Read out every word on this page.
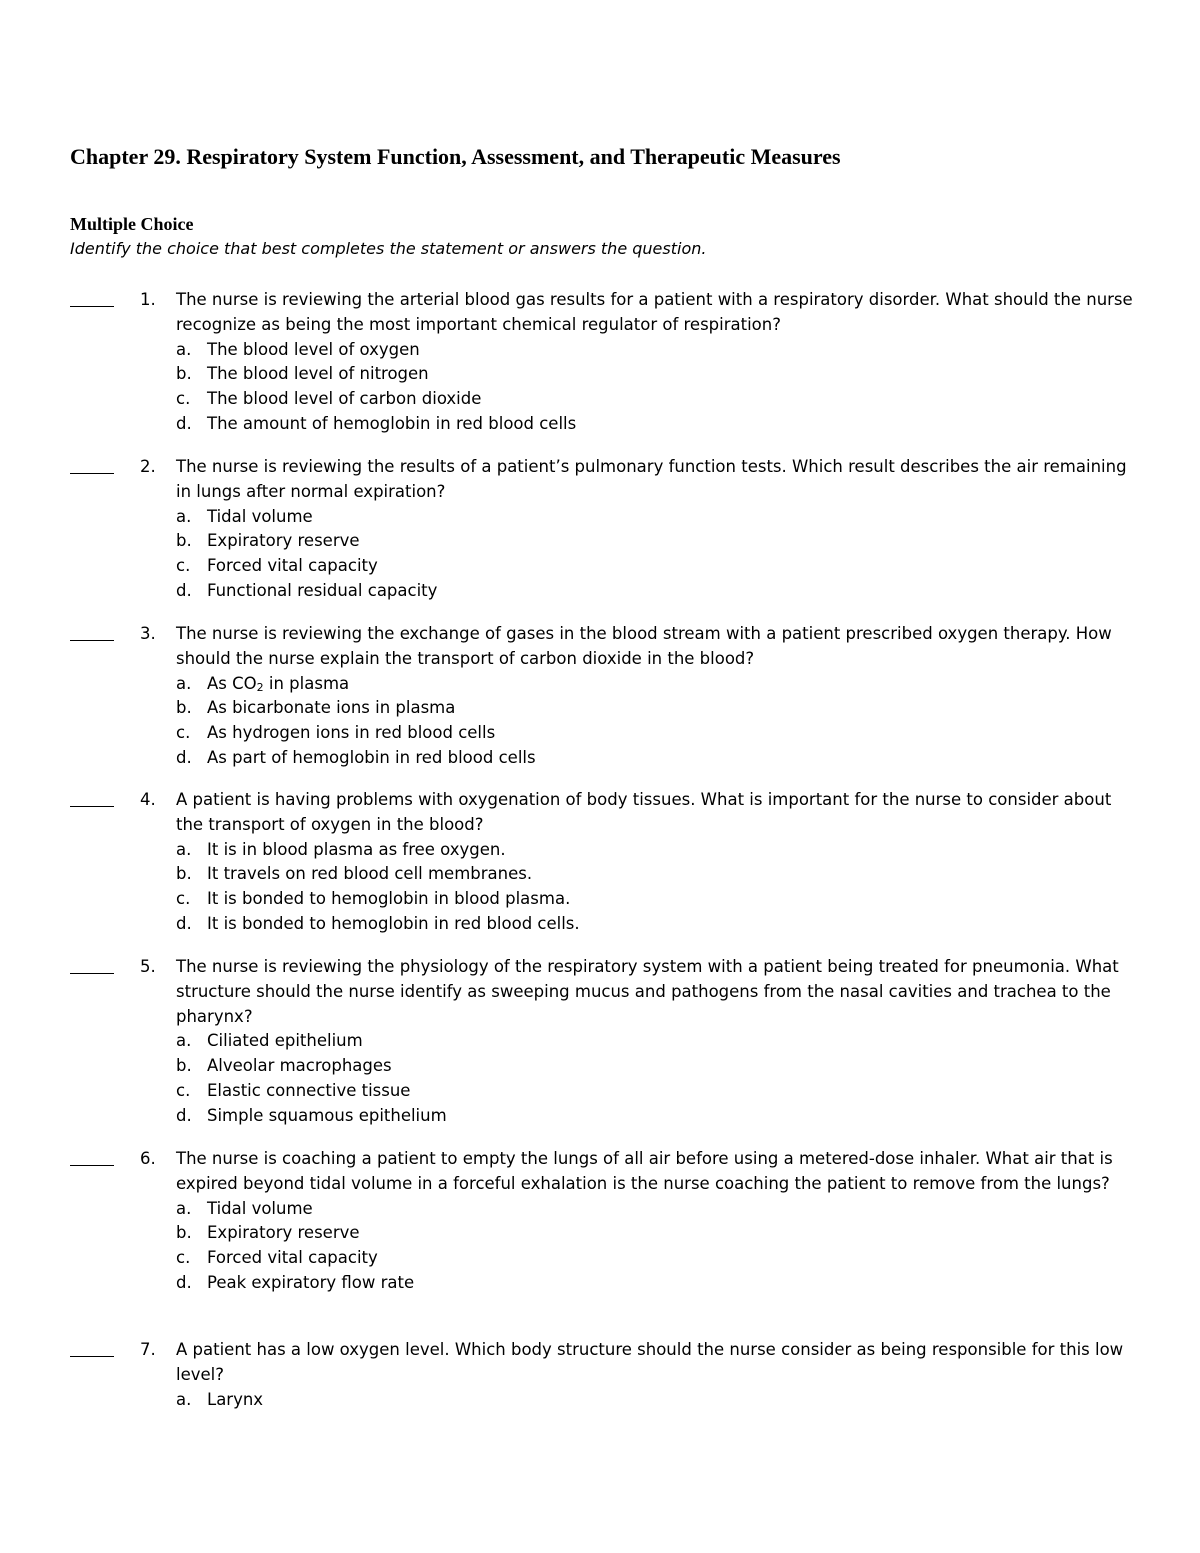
Chapter 29. Respiratory System Function, Assessment, and Therapeutic Measures
Multiple Choice

Identify the choice that best completes the statement or answers the question.

1.	The nurse is reviewing the arterial blood gas results for a patient with a respiratory disorder. What should the nurse recognize as being the most important chemical regulator of respiration?
a. The blood level of oxygen
b. The blood level of nitrogen
c. The blood level of carbon dioxide
d. The amount of hemoglobin in red blood cells
2.	The nurse is reviewing the results of a patient’s pulmonary function tests. Which result describes the air remaining in lungs after normal expiration?
a. Tidal volume
b. Expiratory reserve
c. Forced vital capacity
d. Functional residual capacity
3.	The nurse is reviewing the exchange of gases in the blood stream with a patient prescribed oxygen therapy. How should the nurse explain the transport of carbon dioxide in the blood?
a. As $CO_2$ in plasma
b. As bicarbonate ions in plasma
c. As hydrogen ions in red blood cells
d. As part of hemoglobin in red blood cells
4.	A patient is having problems with oxygenation of body tissues. What is important for the nurse to consider about the transport of oxygen in the blood?
a. It is in blood plasma as free oxygen.
b. It travels on red blood cell membranes.
c. It is bonded to hemoglobin in blood plasma.
d. It is bonded to hemoglobin in red blood cells.
5.	The nurse is reviewing the physiology of the respiratory system with a patient being treated for pneumonia. What structure should the nurse identify as sweeping mucus and pathogens from the nasal cavities and trachea to the pharynx?
a. Ciliated epithelium
b. Alveolar macrophages
c. Elastic connective tissue
d. Simple squamous epithelium
6.	The nurse is coaching a patient to empty the lungs of all air before using a metered-dose inhaler. What air that is expired beyond tidal volume in a forceful exhalation is the nurse coaching the patient to remove from the lungs?
a. Tidal volume
b. Expiratory reserve
c. Forced vital capacity
d. Peak expiratory flow rate
7.	A patient has a low oxygen level. Which body structure should the nurse consider as being responsible for this low level?
a. Larynx
